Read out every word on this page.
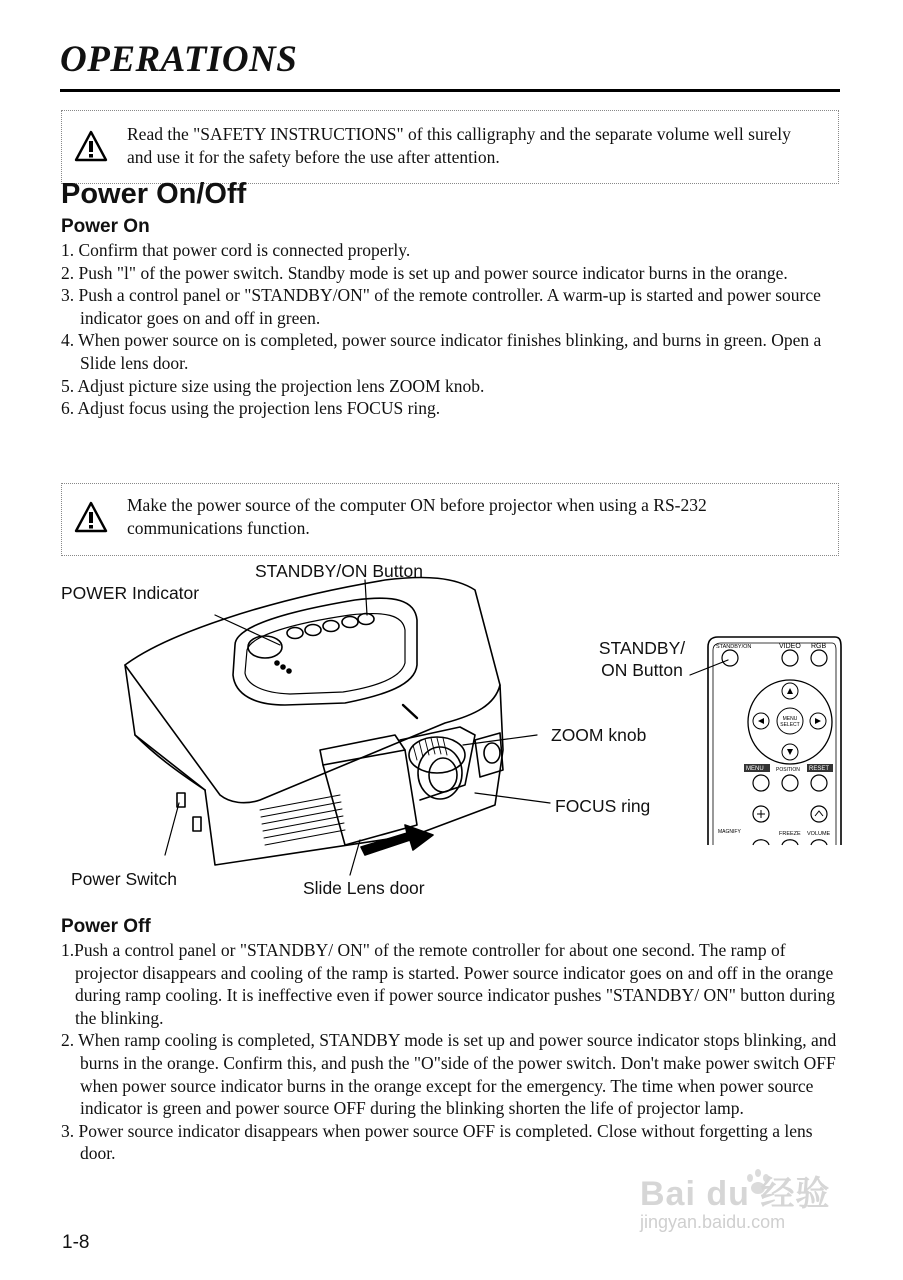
OPERATIONS
Read the "SAFETY INSTRUCTIONS" of this calligraphy and the separate volume well surely and use it for the safety before the use after attention.
Power On/Off
Power On
1. Confirm that power cord is connected properly.
2. Push "l" of the power switch. Standby mode is set up and power source indicator burns in the orange.
3. Push a control panel or "STANDBY/ON" of the remote controller. A warm-up is started and power source indicator goes on and off in green.
4. When power source on is completed, power source indicator finishes blinking, and burns in green. Open a Slide lens door.
5. Adjust picture size using the projection lens ZOOM knob.
6. Adjust focus using the projection lens FOCUS ring.
Make the power source of the computer ON before projector when using a RS-232 communications function.
STANDBY/ON	VIDEO RGB
MENU
SELECT
MENU POSITION RESET
MAGNIFY	FREEZE VOLUME
STANDBY/ON Button
POWER Indicator
STANDBY/
ON Button
ZOOM knob
FOCUS ring
Power Switch	Slide Lens door
Power Off
1.Push a control panel or "STANDBY/ ON" of the remote controller for about one second. The ramp of projector disappears and cooling of the ramp is started. Power source indicator goes on and off in the orange during ramp cooling. It is ineffective even if power source indicator pushes "STANDBY/ ON" button during the blinking.
2. When ramp cooling is completed, STANDBY mode is set up and power source indicator stops blinking, and burns in the orange. Confirm this, and push the "O"side of the power switch. Don't make power switch OFF when power source indicator burns in the orange except for the emergency. The time when power source indicator is green and power source OFF during the blinking shorten the life of projector lamp.
3. Power source indicator disappears when power source OFF is completed. Close without forgetting a lens door.
1-8
Bai du 经验
jingyan.baidu.com
